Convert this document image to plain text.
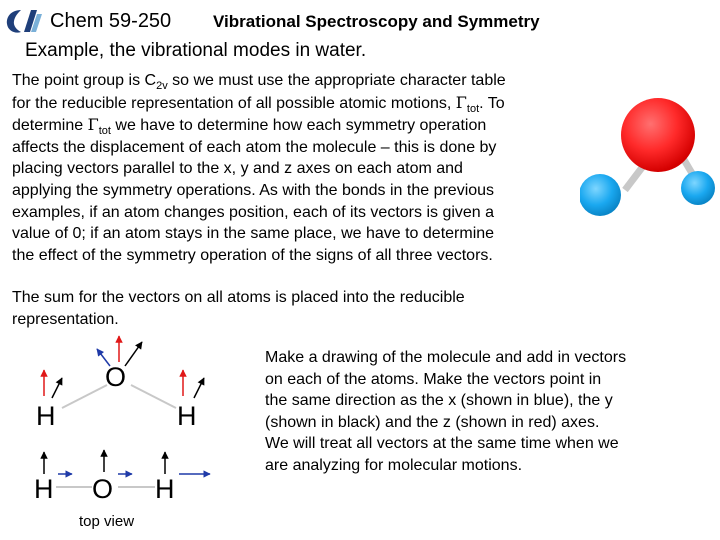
Chem 59-250 Vibrational Spectroscopy and Symmetry
Example, the vibrational modes in water.

The point group is $C_{2v}$ so we must use the appropriate character table
for the reducible representation of all possible atomic motions, $\Gamma_{tot}$. To
determine $\Gamma_{tot}$ we have to determine how each symmetry operation
affects the displacement of each atom the molecule – this is done by
placing vectors parallel to the x, y and z axes on each atom and
applying the symmetry operations. As with the bonds in the previous
examples, if an atom changes position, each of its vectors is given a
value of 0; if an atom stays in the same place, we have to determine
the effect of the symmetry operation of the signs of all three vectors.

The sum for the vectors on all atoms is placed into the reducible
representation.

O
H	H
H O H

Make a drawing of the molecule and add in vectors
on each of the atoms. Make the vectors point in
the same direction as the x (shown in blue), the y
(shown in black) and the z (shown in red) axes.
We will treat all vectors at the same time when we
are analyzing for molecular motions.

top view
